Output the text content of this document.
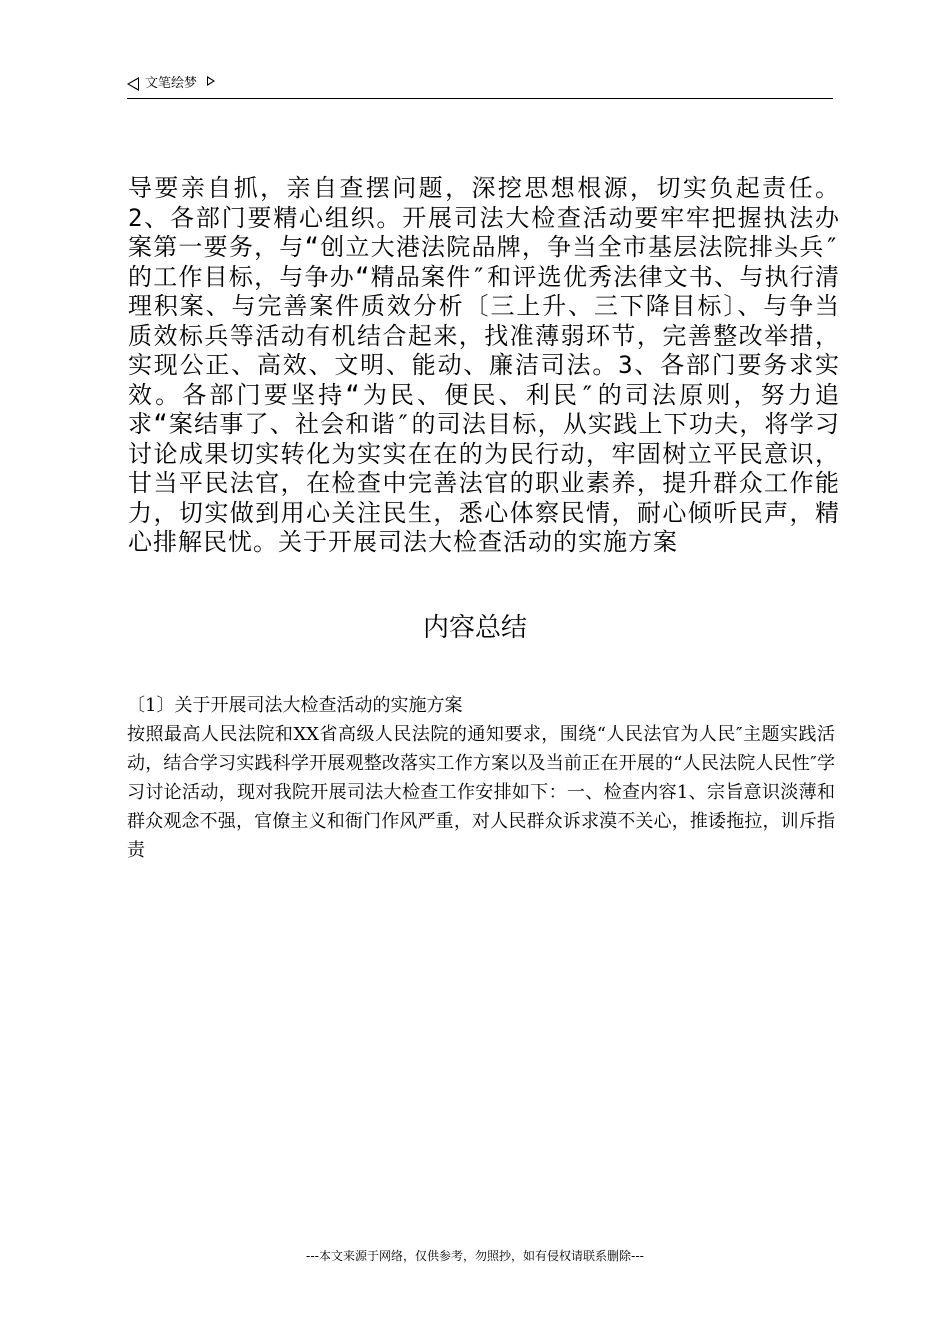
文笔绘梦

导要亲自抓，亲自查摆问题，深挖思想根源，切实负起责任。2、各部门要精心组织。开展司法大检查活动要牢牢把握执法办案第一要务，与“创立大港法院品牌，争当全市基层法院排头兵″的工作目标，与争办“精品案件″和评选优秀法律文书、与执行清理积案、与完善案件质效分析〔三上升、三下降目标〕、与争当质效标兵等活动有机结合起来，找准薄弱环节，完善整改举措，实现公正、高效、文明、能动、廉洁司法。3、各部门要务求实效。各部门要坚持“为民、便民、利民″的司法原则，努力追求“案结事了、社会和谐″的司法目标，从实践上下功夫，将学习讨论成果切实转化为实实在在的为民行动，牢固树立平民意识，甘当平民法官，在检查中完善法官的职业素养，提升群众工作能力，切实做到用心关注民生，悉心体察民情，耐心倾听民声，精心排解民忧。关于开展司法大检查活动的实施方案

内容总结

〔1〕关于开展司法大检查活动的实施方案

按照最高人民法院和XX省高级人民法院的通知要求，围绕“人民法官为人民″主题实践活动，结合学习实践科学开展观整改落实工作方案以及当前正在开展的“人民法院人民性″学习讨论活动，现对我院开展司法大检查工作安排如下：一、检查内容1、宗旨意识淡薄和群众观念不强，官僚主义和衙门作风严重，对人民群众诉求漠不关心，推诿拖拉，训斥指责

---本文来源于网络，仅供参考，勿照抄，如有侵权请联系删除---
